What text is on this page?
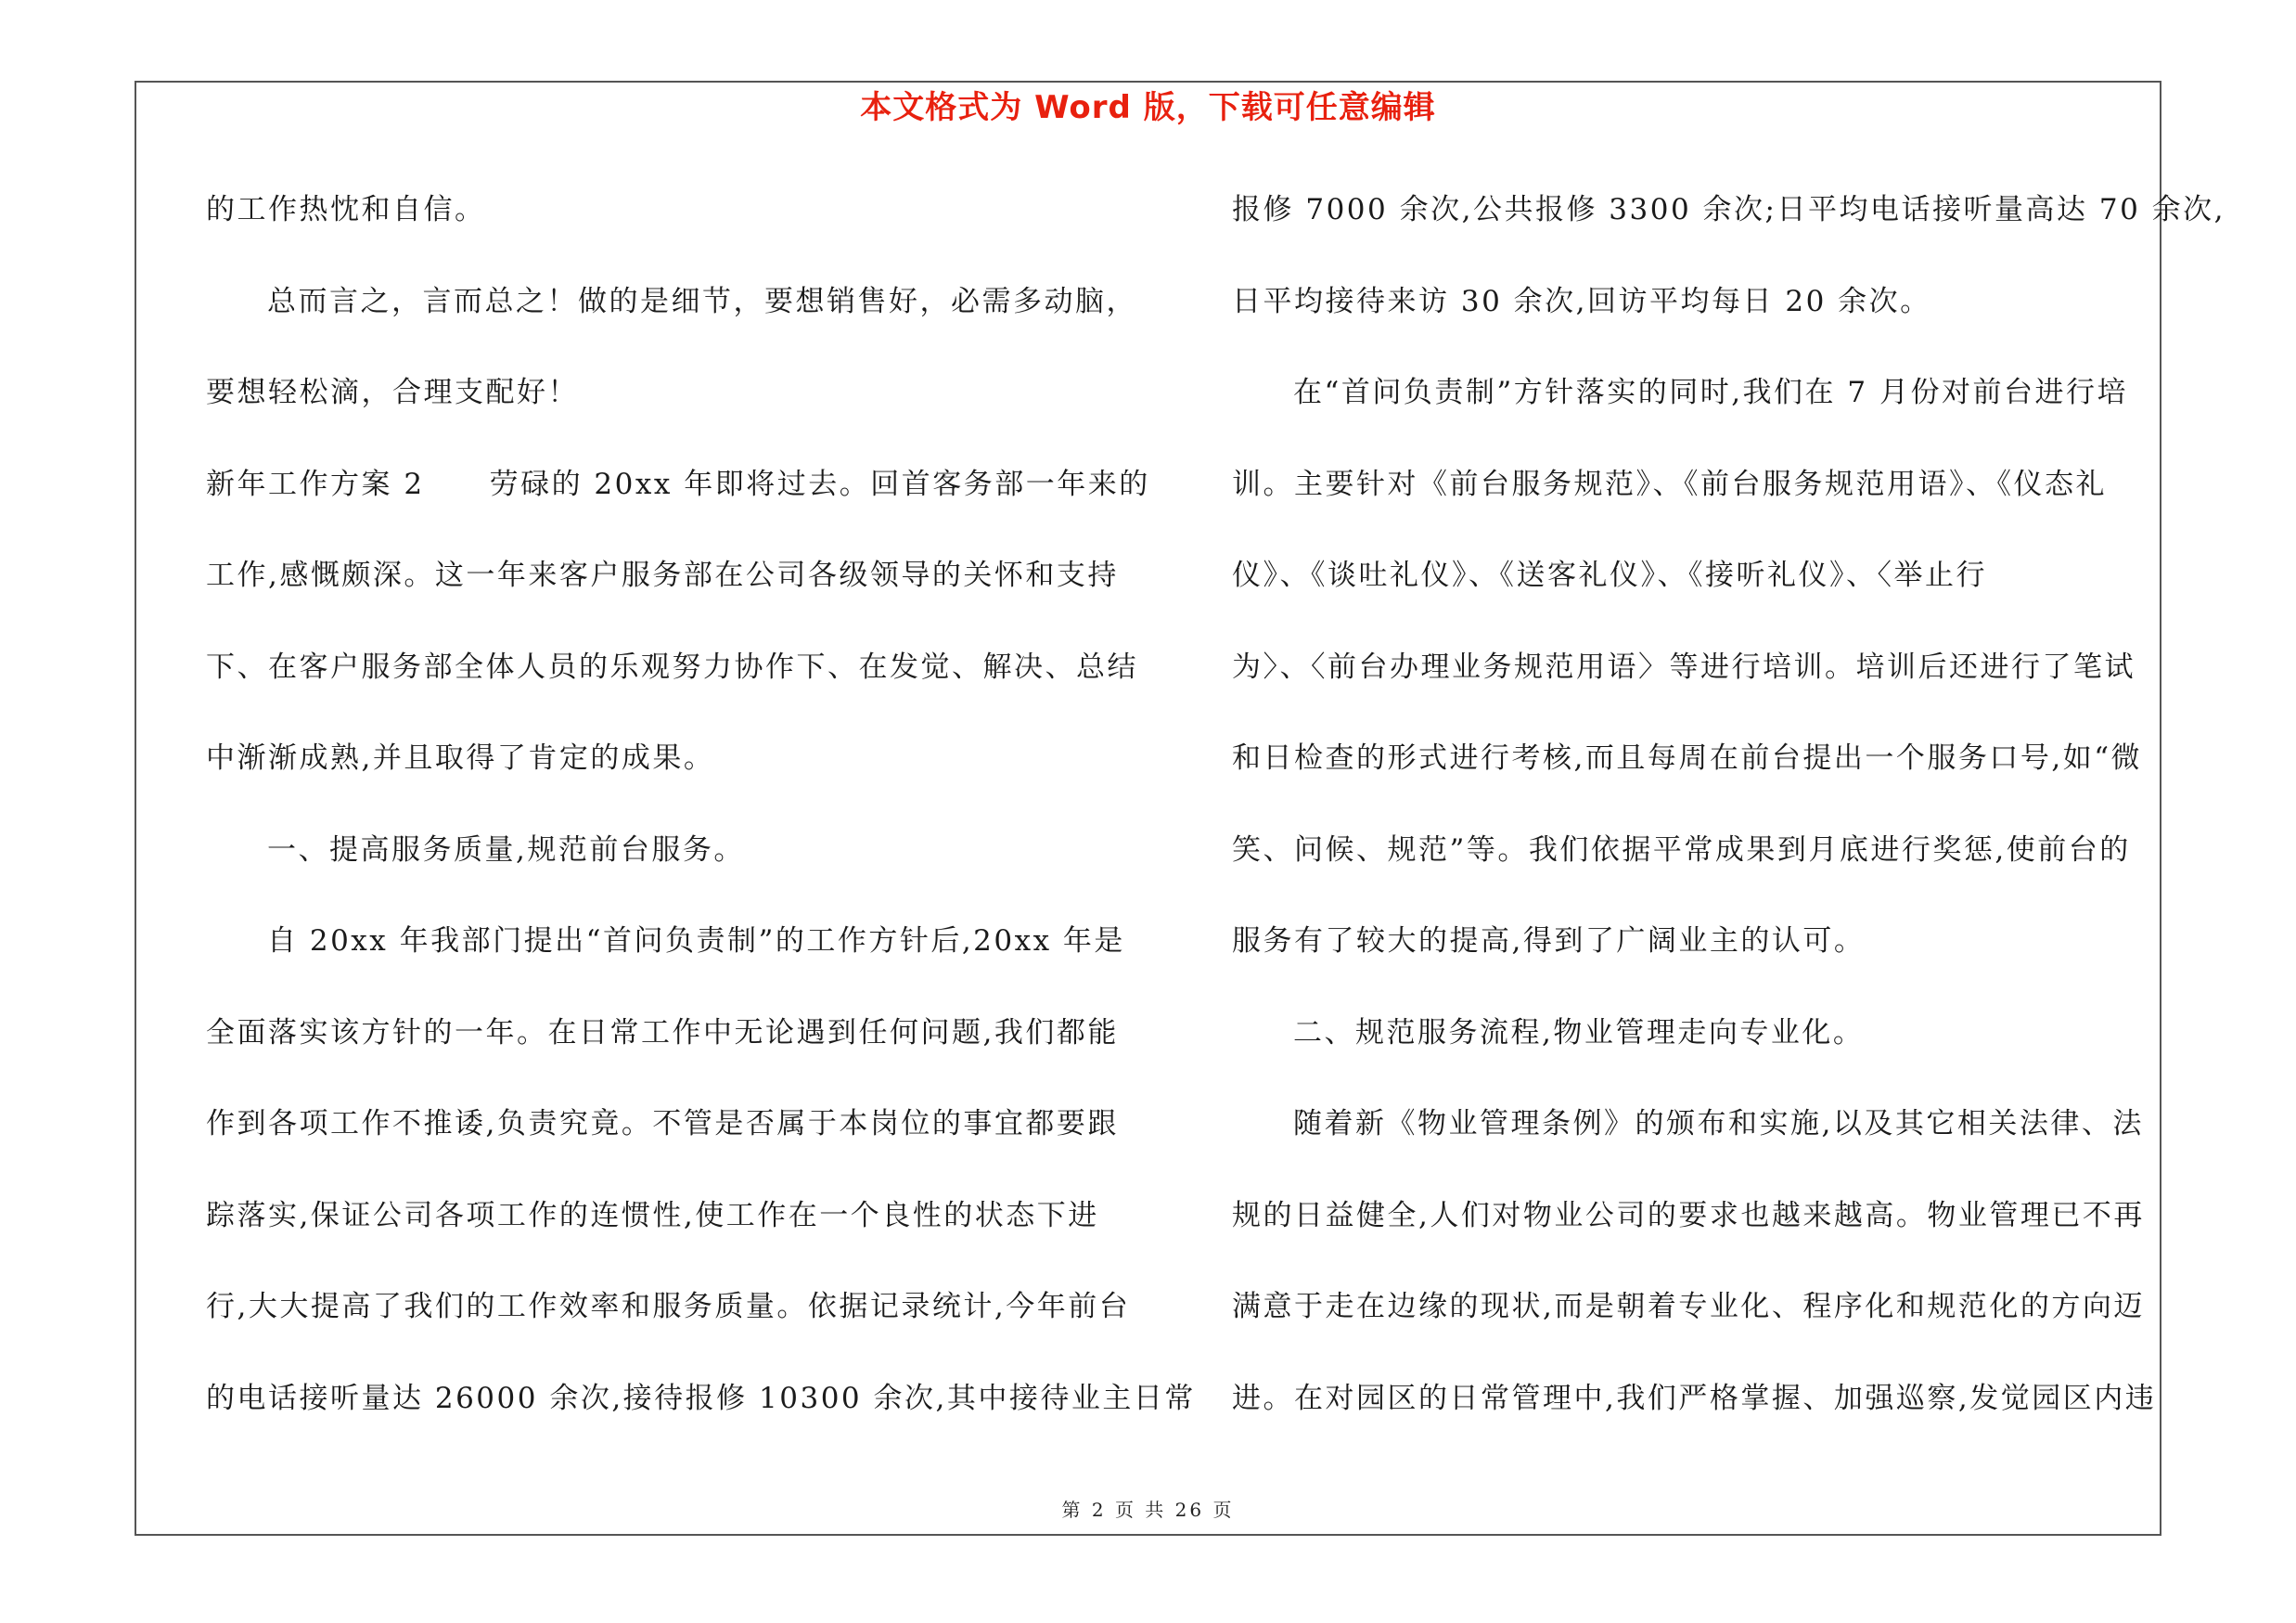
本文格式为 Word 版，下载可任意编辑
的工作热忱和自信。
总而言之，言而总之！做的是细节，要想销售好，必需多动脑，
要想轻松滴，合理支配好！
新年工作方案 2 劳碌的 20xx 年即将过去。回首客务部一年来的
工作,感慨颇深。这一年来客户服务部在公司各级领导的关怀和支持
下、在客户服务部全体人员的乐观努力协作下、在发觉、解决、总结
中渐渐成熟,并且取得了肯定的成果。
一、提高服务质量,规范前台服务。
自 20xx 年我部门提出“首问负责制”的工作方针后,20xx 年是
全面落实该方针的一年。在日常工作中无论遇到任何问题,我们都能
作到各项工作不推诿,负责究竟。不管是否属于本岗位的事宜都要跟
踪落实,保证公司各项工作的连惯性,使工作在一个良性的状态下进
行,大大提高了我们的工作效率和服务质量。依据记录统计,今年前台
的电话接听量达 26000 余次,接待报修 10300 余次,其中接待业主日常
报修 7000 余次,公共报修 3300 余次;日平均电话接听量高达 70 余次,
日平均接待来访 30 余次,回访平均每日 20 余次。
在“首问负责制”方针落实的同时,我们在 7 月份对前台进行培
训。主要针对《前台服务规范》、《前台服务规范用语》、《仪态礼
仪》、《谈吐礼仪》、《送客礼仪》、《接听礼仪》、〈举止行
为〉、〈前台办理业务规范用语〉等进行培训。培训后还进行了笔试
和日检查的形式进行考核,而且每周在前台提出一个服务口号,如“微
笑、问候、规范”等。我们依据平常成果到月底进行奖惩,使前台的
服务有了较大的提高,得到了广阔业主的认可。
二、规范服务流程,物业管理走向专业化。
随着新《物业管理条例》的颁布和实施,以及其它相关法律、法
规的日益健全,人们对物业公司的要求也越来越高。物业管理已不再
满意于走在边缘的现状,而是朝着专业化、程序化和规范化的方向迈
进。在对园区的日常管理中,我们严格掌握、加强巡察,发觉园区内违
第 2 页 共 26 页
